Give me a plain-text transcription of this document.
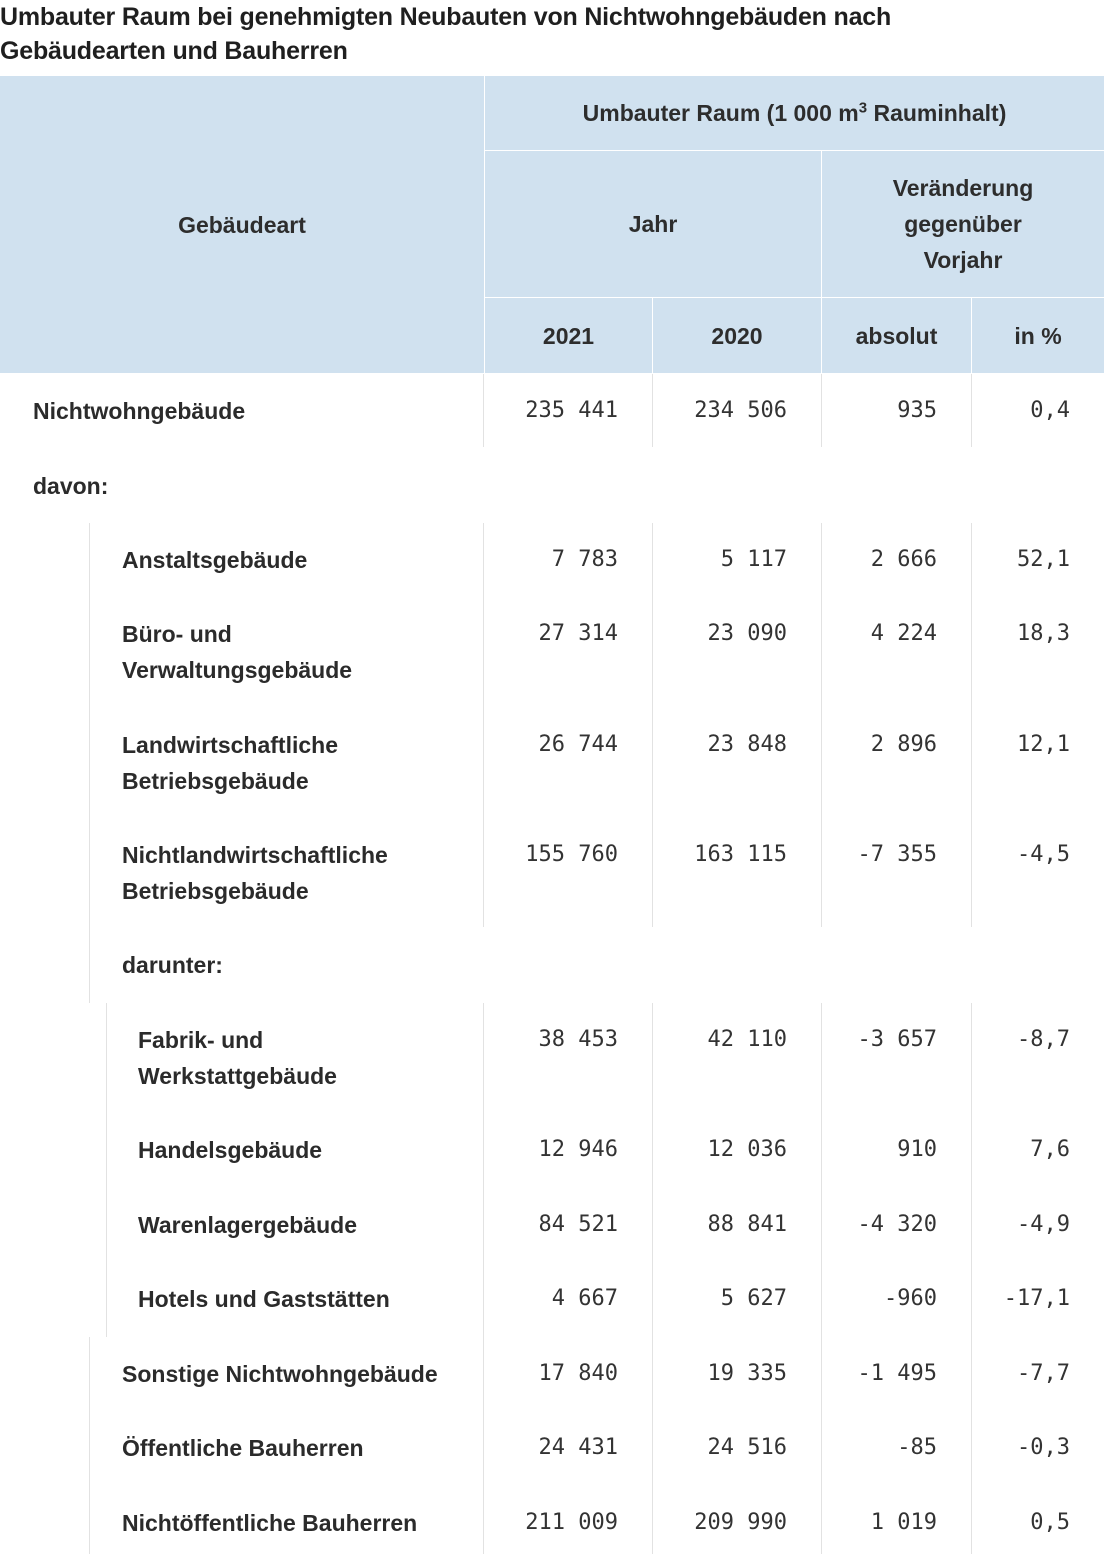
Umbauter Raum bei genehmigten Neubauten von Nichtwohngebäuden nach Gebäudearten und Bauherren
Gebäudeart
Umbauter Raum (1 000 $m^3$ Rauminhalt)
Jahr
Veränderung gegenüber Vorjahr
2021	2020	absolut	in %
Nichtwohngebäude	235 441	234 506	935	0,4
davon:
Anstaltsgebäude	7 783	5 117	2 666	52,1
Büro- und
Verwaltungsgebäude
27 314	23 090	4 224	18,3
Landwirtschaftliche
Betriebsgebäude
26 744	23 848	2 896	12,1
Nichtlandwirtschaftliche
Betriebsgebäude
155 760	163 115	-7 355	-4,5
darunter:
Fabrik- und
Werkstattgebäude
38 453	42 110	-3 657	-8,7
Handelsgebäude	12 946	12 036	910	7,6
Warenlagergebäude	84 521	88 841	-4 320	-4,9
Hotels und Gaststätten	4 667	5 627	-960	-17,1
Sonstige Nichtwohngebäude	17 840	19 335	-1 495	-7,7
Öffentliche Bauherren	24 431	24 516	-85	-0,3
Nichtöffentliche Bauherren	211 009	209 990	1 019	0,5
